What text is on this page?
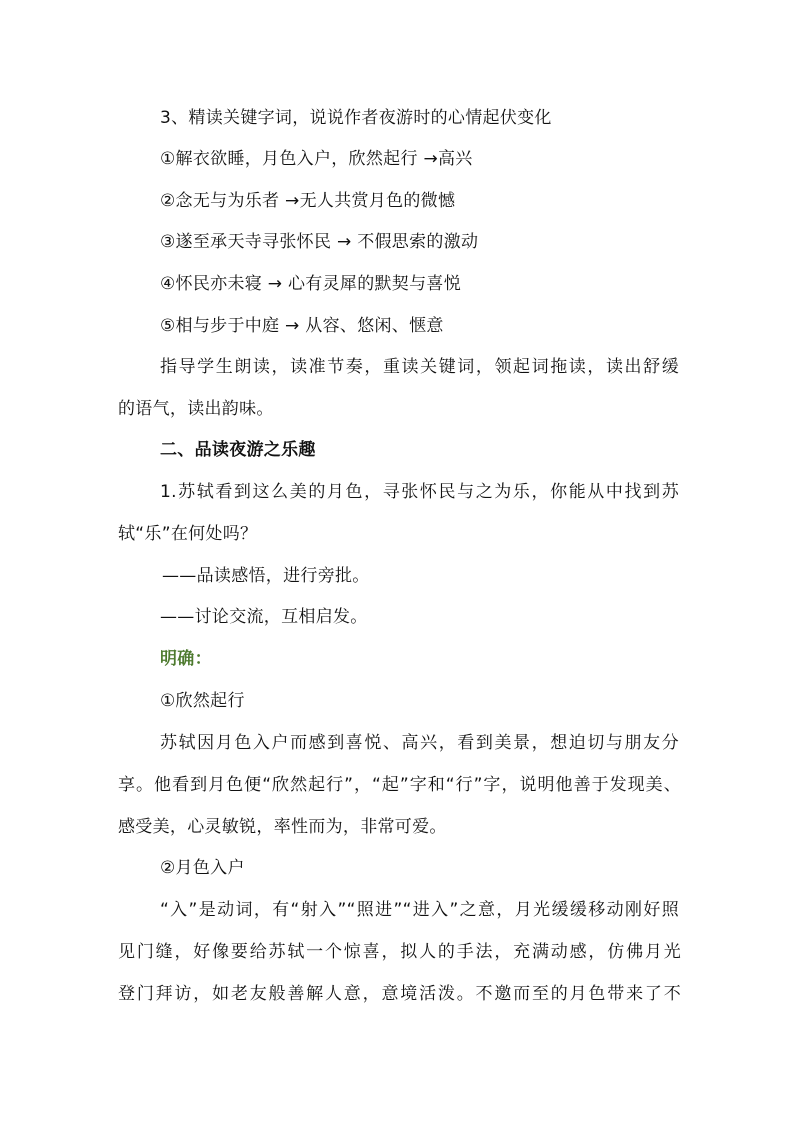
3、精读关键字词，说说作者夜游时的心情起伏变化
①解衣欲睡，月色入户，欣然起行 →高兴
②念无与为乐者 →无人共赏月色的微憾
③遂至承天寺寻张怀民 → 不假思索的激动
④怀民亦未寝 → 心有灵犀的默契与喜悦
⑤相与步于中庭 → 从容、悠闲、惬意
指导学生朗读，读准节奏，重读关键词，领起词拖读，读出舒缓
的语气，读出韵味。
二、品读夜游之乐趣
1.苏轼看到这么美的月色，寻张怀民与之为乐，你能从中找到苏
轼“乐”在何处吗？
——品读感悟，进行旁批。
——讨论交流，互相启发。
明确：
①欣然起行
苏轼因月色入户而感到喜悦、高兴，看到美景，想迫切与朋友分
享。他看到月色便“欣然起行”，“起”字和“行”字，说明他善于发现美、
感受美，心灵敏锐，率性而为，非常可爱。
②月色入户
“入”是动词，有“射入”“照进”“进入”之意，月光缓缓移动刚好照
见门缝，好像要给苏轼一个惊喜，拟人的手法，充满动感，仿佛月光
登门拜访，如老友般善解人意，意境活泼。不邀而至的月色带来了不
